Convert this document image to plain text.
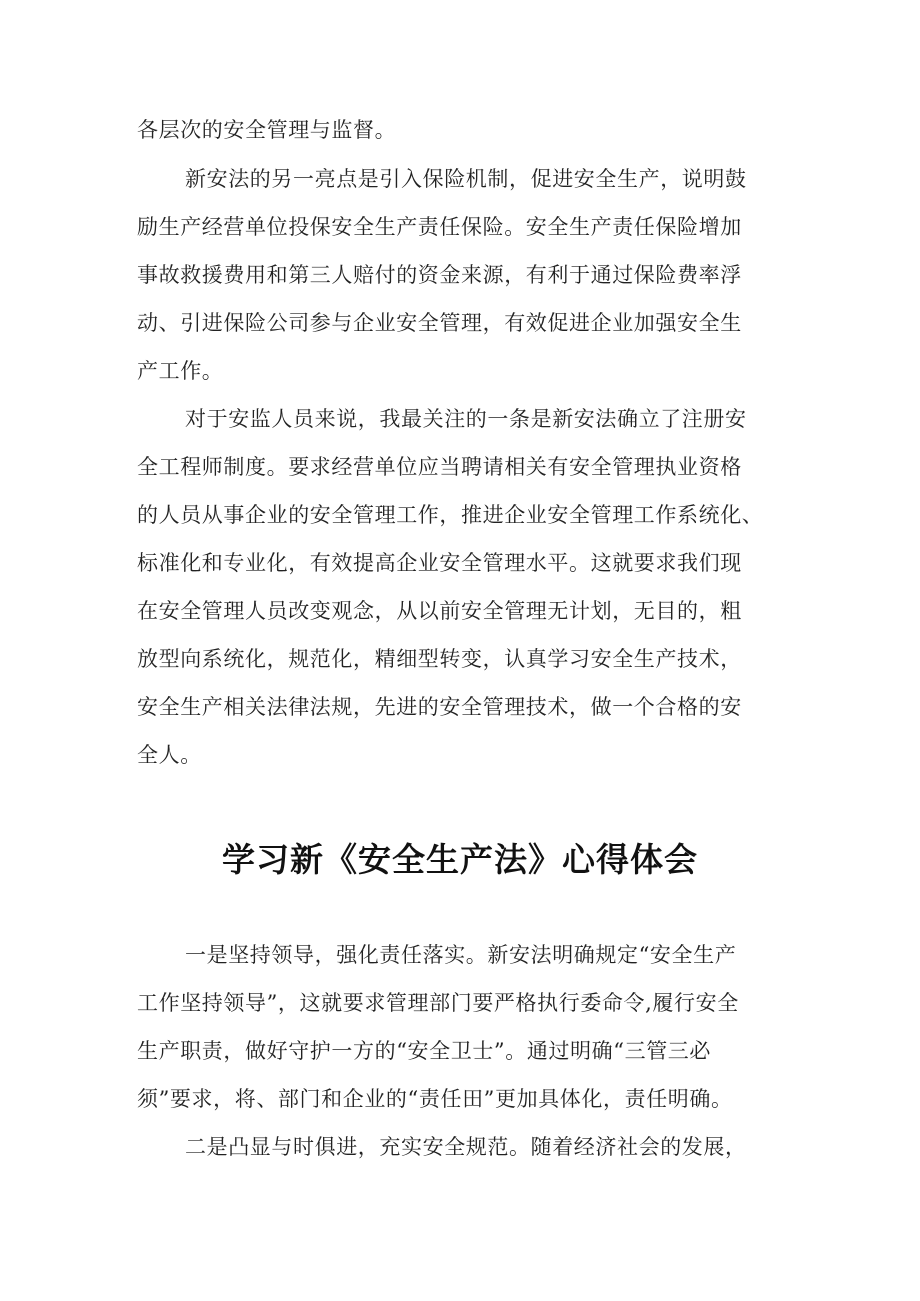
各层次的安全管理与监督。
新安法的另一亮点是引入保险机制，促进安全生产，说明鼓
励生产经营单位投保安全生产责任保险。安全生产责任保险增加
事故救援费用和第三人赔付的资金来源，有利于通过保险费率浮
动、引进保险公司参与企业安全管理，有效促进企业加强安全生
产工作。
对于安监人员来说，我最关注的一条是新安法确立了注册安
全工程师制度。要求经营单位应当聘请相关有安全管理执业资格
的人员从事企业的安全管理工作，推进企业安全管理工作系统化、
标准化和专业化，有效提高企业安全管理水平。这就要求我们现
在安全管理人员改变观念，从以前安全管理无计划，无目的，粗
放型向系统化，规范化，精细型转变，认真学习安全生产技术，
安全生产相关法律法规，先进的安全管理技术，做一个合格的安
全人。
学习新《安全生产法》心得体会
一是坚持领导，强化责任落实。新安法明确规定“安全生产
工作坚持领导”，这就要求管理部门要严格执行委命令,履行安全
生产职责，做好守护一方的“安全卫士”。通过明确“三管三必
须”要求，将、部门和企业的“责任田”更加具体化，责任明确。
二是凸显与时俱进，充实安全规范。随着经济社会的发展，
